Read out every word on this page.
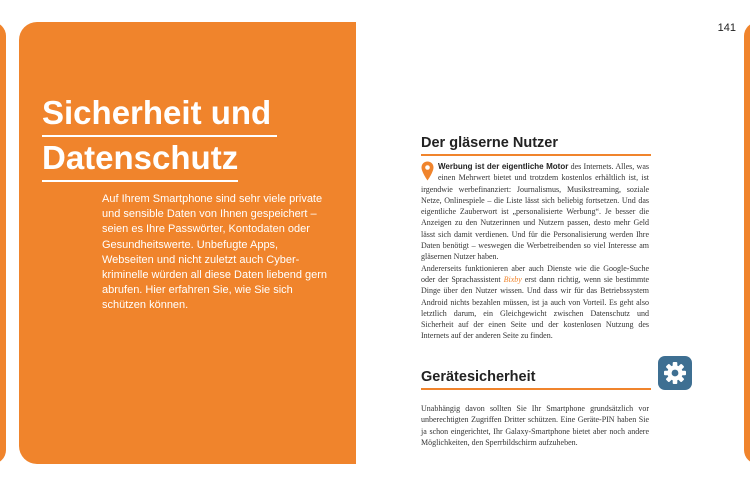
Sicherheit und
Datenschutz
Auf Ihrem Smartphone sind sehr viele private und sensible Daten von Ihnen gespeichert – seien es Ihre Passwörter, Kontodaten oder Gesundheitswerte. Unbefugte Apps, Webseiten und nicht zuletzt auch Cyberkriminelle würden all diese Daten liebend gern abrufen. Hier erfahren Sie, wie Sie sich schützen können.
141
Der gläserne Nutzer
Werbung ist der eigentliche Motor des Internets. Alles, was einen Mehrwert bietet und trotzdem kostenlos erhältlich ist, ist irgendwie werbefinanziert: Journalismus, Musikstreaming, soziale Netze, Onlinespiele – die Liste lässt sich beliebig fortsetzen. Und das eigentliche Zauberwort ist „personalisierte Werbung“. Je besser die Anzeigen zu den Nutzerinnen und Nutzern passen, desto mehr Geld lässt sich damit verdienen. Und für die Personalisierung werden Ihre Daten benötigt – weswegen die Werbetreibenden so viel Interesse am gläsernen Nutzer haben.
Andererseits funktionieren aber auch Dienste wie die Google-Suche oder der Sprachassistent Bixby erst dann richtig, wenn sie bestimmte Dinge über den Nutzer wissen. Und dass wir für das Betriebssystem Android nichts bezahlen müssen, ist ja auch von Vorteil. Es geht also letztlich darum, ein Gleichgewicht zwischen Datenschutz und Sicherheit auf der einen Seite und der kostenlosen Nutzung des Internets auf der anderen Seite zu finden.
Gerätesicherheit
Unabhängig davon sollten Sie Ihr Smartphone grundsätzlich vor unberechtigten Zugriffen Dritter schützen. Eine Geräte-PIN haben Sie ja schon eingerichtet, Ihr Galaxy-Smartphone bietet aber noch andere Möglichkeiten, den Sperrbildschirm aufzuheben.
